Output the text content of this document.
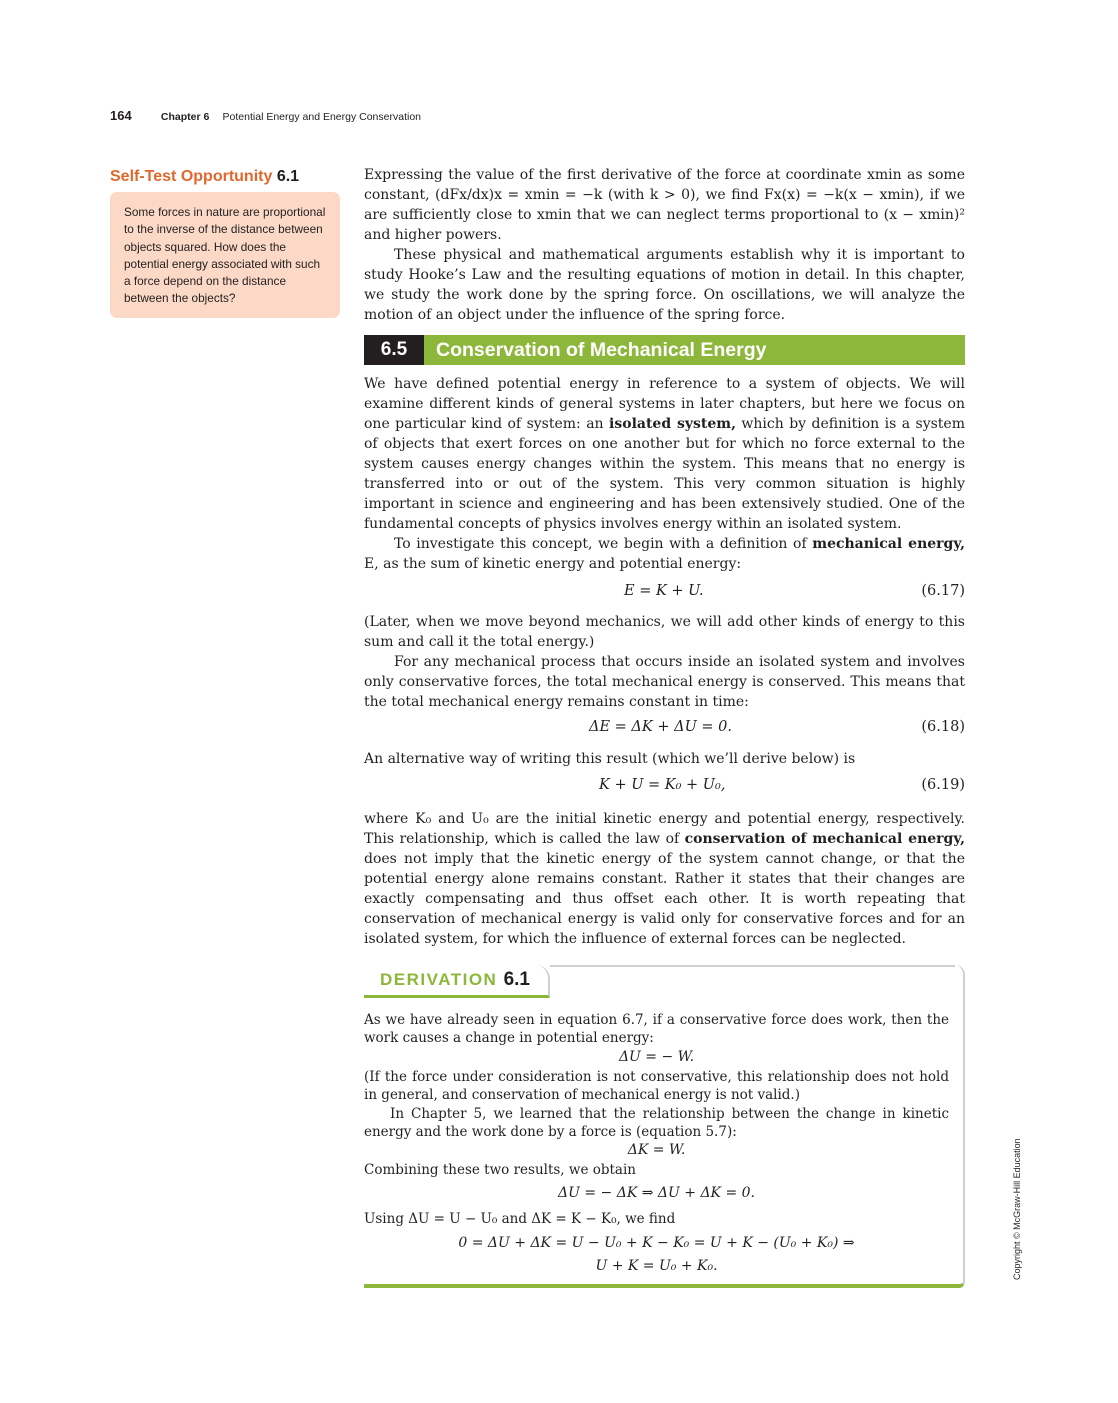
164	Chapter 6 Potential Energy and Energy Conservation
Self-Test Opportunity 6.1
Some forces in nature are proportional to the inverse of the distance between objects squared. How does the potential energy associated with such a force depend on the distance between the objects?

Expressing the value of the first derivative of the force at coordinate xmin as some constant, (dFx/dx)x = xmin = −k (with k > 0), we find Fx(x) = −k(x − xmin), if we are sufficiently close to xmin that we can neglect terms proportional to (x − xmin)² and higher powers.

These physical and mathematical arguments establish why it is important to study Hooke’s Law and the resulting equations of motion in detail. In this chapter, we study the work done by the spring force. On oscillations, we will analyze the motion of an object under the influence of the spring force.

6.5	Conservation of Mechanical Energy

We have defined potential energy in reference to a system of objects. We will examine different kinds of general systems in later chapters, but here we focus on one particular kind of system: an isolated system, which by definition is a system of objects that exert forces on one another but for which no force external to the system causes energy changes within the system. This means that no energy is transferred into or out of the system. This very common situation is highly important in science and engineering and has been extensively studied. One of the fundamental concepts of physics involves energy within an isolated system.

To investigate this concept, we begin with a definition of mechanical energy, E, as the sum of kinetic energy and potential energy:

E = K + U.	(6.17)

(Later, when we move beyond mechanics, we will add other kinds of energy to this sum and call it the total energy.)

For any mechanical process that occurs inside an isolated system and involves only conservative forces, the total mechanical energy is conserved. This means that the total mechanical energy remains constant in time:

ΔE = ΔK + ΔU = 0.	(6.18)

An alternative way of writing this result (which we’ll derive below) is

K + U = K₀ + U₀,	(6.19)

where K₀ and U₀ are the initial kinetic energy and potential energy, respectively. This relationship, which is called the law of conservation of mechanical energy, does not imply that the kinetic energy of the system cannot change, or that the potential energy alone remains constant. Rather it states that their changes are exactly compensating and thus offset each other. It is worth repeating that conservation of mechanical energy is valid only for conservative forces and for an isolated system, for which the influence of external forces can be neglected.

DERIVATION 6.1

As we have already seen in equation 6.7, if a conservative force does work, then the work causes a change in potential energy:

ΔU = − W.

(If the force under consideration is not conservative, this relationship does not hold in general, and conservation of mechanical energy is not valid.)

In Chapter 5, we learned that the relationship between the change in kinetic energy and the work done by a force is (equation 5.7):

ΔK = W.

Combining these two results, we obtain

ΔU = − ΔK ⇒ ΔU + ΔK = 0.

Using ΔU = U − U₀ and ΔK = K − K₀, we find

0 = ΔU + ΔK = U − U₀ + K − K₀ = U + K − (U₀ + K₀) ⇒
U + K = U₀ + K₀.	Copyright © McGraw-Hill Education
